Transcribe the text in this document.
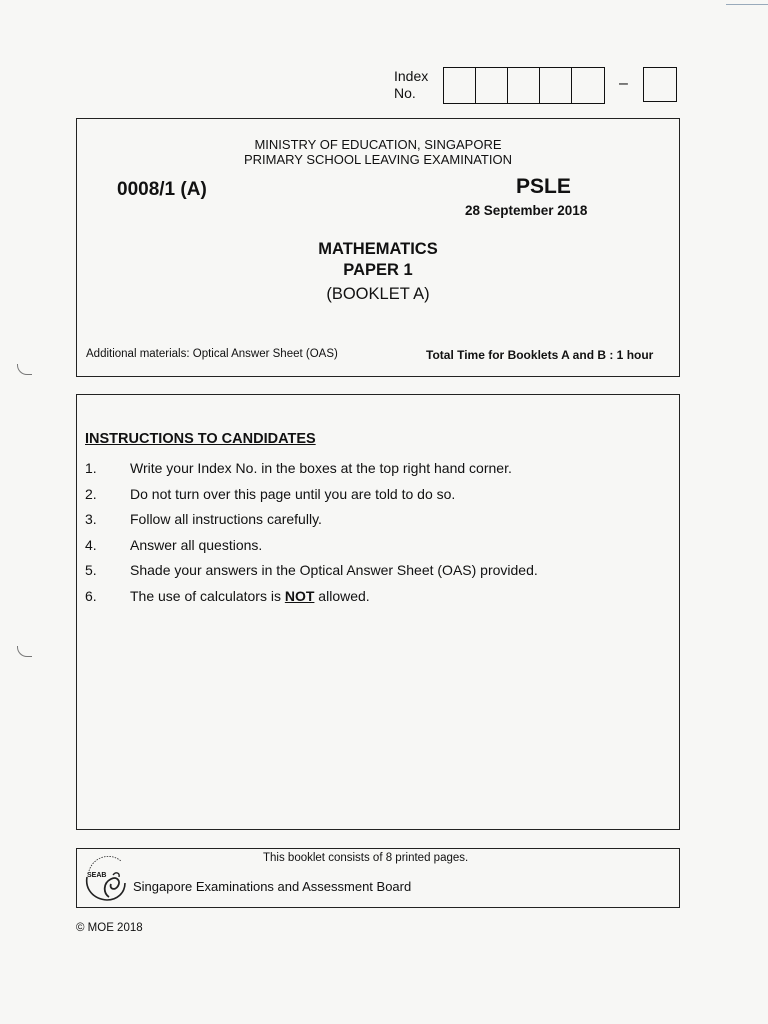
Index
No.
–
MINISTRY OF EDUCATION, SINGAPORE
PRIMARY SCHOOL LEAVING EXAMINATION
0008/1 (A)	PSLE
28 September 2018
MATHEMATICS
PAPER 1
(BOOKLET A)
Additional materials: Optical Answer Sheet (OAS)	Total Time for Booklets A and B : 1 hour
INSTRUCTIONS TO CANDIDATES
1. Write your Index No. in the boxes at the top right hand corner.
2. Do not turn over this page until you are told to do so.
3. Follow all instructions carefully.
4. Answer all questions.
5. Shade your answers in the Optical Answer Sheet (OAS) provided.
6. The use of calculators is NOT allowed.
This booklet consists of 8 printed pages.
SEAB
Singapore Examinations and Assessment Board
© MOE 2018
